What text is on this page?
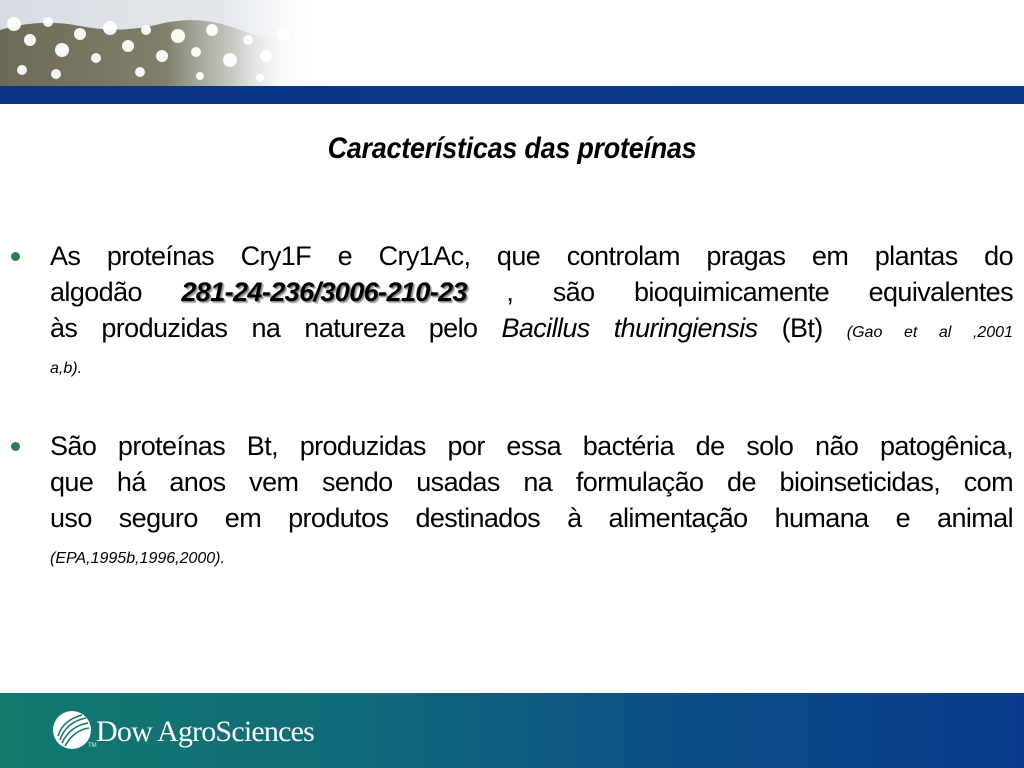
Características das proteínas
As proteínas Cry1F e Cry1Ac, que controlam pragas em plantas do
algodão 281-24-236/3006-210-23 , são bioquimicamente equivalentes
às produzidas na natureza pelo Bacillus thuringiensis (Bt) (Gao et al ,2001
a,b).
São proteínas Bt, produzidas por essa bactéria de solo não patogênica,
que há anos vem sendo usadas na formulação de bioinseticidas, com
uso seguro em produtos destinados à alimentação humana e animal
(EPA,1995b,1996,2000).
TM Dow AgroSciences
